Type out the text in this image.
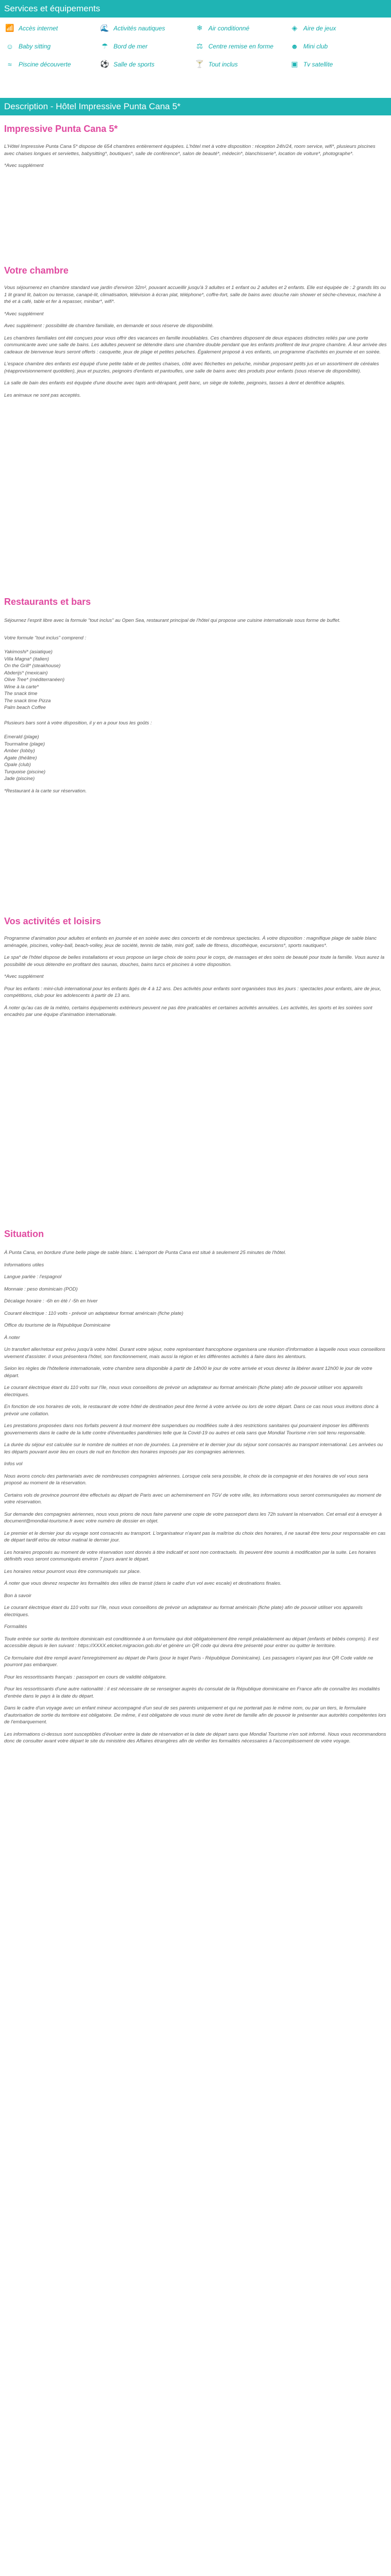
Services et équipements
📶 Accès internet	🌊 Activités nautiques	❄ Air conditionné	◈ Aire de jeux
☺ Baby sitting	☂ Bord de mer	⚖ Centre remise en forme ☻ Mini club
≈	Piscine découverte	⚽ Salle de sports	🍸 Tout inclus	▣ Tv satellite
Description - Hôtel Impressive Punta Cana 5*
Impressive Punta Cana 5*

L'Hôtel Impressive Punta Cana 5* dispose de 654 chambres entièrement équipées. L'hôtel met à votre disposition : réception 24h/24, room service, wifi*, plusieurs piscines avec chaises longues et serviettes, babysitting*, boutiques*, salle de conférence*, salon de beauté*, médecin*, blanchisserie*, location de voiture*, photographe*.

*Avec supplément

Votre chambre

Vous séjournerez en chambre standard vue jardin d'environ 32m², pouvant accueillir jusqu'à 3 adultes et 1 enfant ou 2 adultes et 2 enfants. Elle est équipée de : 2 grands lits ou 1 lit grand lit, balcon ou terrasse, canapé-lit, climatisation, télévision à écran plat, téléphone*, coffre-fort, salle de bains avec douche rain shower et sèche-cheveux, machine à thé et à café, table et fer à repasser, minibar*, wifi*.

*Avec supplément

Avec supplément : possibilité de chambre familiale, en demande et sous réserve de disponibilité.

Les chambres familiales ont été conçues pour vous offrir des vacances en famille inoubliables. Ces chambres disposent de deux espaces distinctes reliés par une porte communicante avec une salle de bains. Les adultes peuvent se détendre dans une chambre double pendant que les enfants profitent de leur propre chambre. À leur arrivée des cadeaux de bienvenue leurs seront offerts : casquette, jeux de plage et petites peluches. Également proposé à vos enfants, un programme d'activités en journée et en soirée.

L'espace chambre des enfants est équipé d'une petite table et de petites chaises, côté avec fléchettes en peluche, minibar proposant petits jus et un assortiment de céréales (réapprovisionnement quotidien), jeux et puzzles, peignoirs d'enfants et pantoufles, une salle de bains avec des produits pour enfants (sous réserve de disponibilité).

La salle de bain des enfants est équipée d'une douche avec tapis anti-dérapant, petit banc, un siège de toilette, peignoirs, tasses à dent et dentifrice adaptés.

Les animaux ne sont pas acceptés.

Restaurants et bars

Séjournez l'esprit libre avec la formule "tout inclus" au Open Sea, restaurant principal de l'hôtel qui propose une cuisine internationale sous forme de buffet.

Votre formule "tout inclus" comprend :

Yakimoshi* (asiatique)

Villa Magna* (italien)

On the Grill* (steakhouse)

Abderijs* (mexicain)

Olive Tree* (méditerranéen)

Wine à la carte*

The snack time

The snack time Pizza

Palm beach Coffee

Plusieurs bars sont à votre disposition, il y en a pour tous les goûts :

Emerald (plage)

Tourmaline (plage)

Amber (lobby)

Agate (théâtre)

Opale (club)

Turquoise (piscine)

Jade (piscine)

*Restaurant à la carte sur réservation.

Vos activités et loisirs

Programme d'animation pour adultes et enfants en journée et en soirée avec des concerts et de nombreux spectacles. À votre disposition : magnifique plage de sable blanc aménagée, piscines, volley-ball, beach-volley, jeux de société, tennis de table, mini golf, salle de fitness, discothèque, excursions*, sports nautiques*.

Le spa* de l'hôtel dispose de belles installations et vous propose un large choix de soins pour le corps, de massages et des soins de beauté pour toute la famille. Vous aurez la possibilité de vous détendre en profitant des saunas, douches, bains turcs et piscines à votre disposition.

*Avec supplément

Pour les enfants : mini-club international pour les enfants âgés de 4 à 12 ans. Des activités pour enfants sont organisées tous les jours : spectacles pour enfants, aire de jeux, compétitions, club pour les adolescents à partir de 13 ans.

À noter qu'au cas de la météo, certains équipements extérieurs peuvent ne pas être praticables et certaines activités annulées. Les activités, les sports et les soirées sont encadrés par une équipe d'animation internationale.

Situation

À Punta Cana, en bordure d'une belle plage de sable blanc. L'aéroport de Punta Cana est situé à seulement 25 minutes de l'hôtel.

Informations utiles

Langue parlée : l'espagnol

Monnaie : peso dominicain (POD)

Décalage horaire : -6h en été / -5h en hiver

Courant électrique : 110 volts - prévoir un adaptateur format américain (fiche plate)

Office du tourisme de la République Dominicaine

À noter

Un transfert aller/retour est prévu jusqu'à votre hôtel. Durant votre séjour, notre représentant francophone organisera une réunion d'information à laquelle nous vous conseillons vivement d'assister. Il vous présentera l'hôtel, son fonctionnement, mais aussi la région et les différentes activités à faire dans les alentours.

Selon les règles de l'hôtellerie internationale, votre chambre sera disponible à partir de 14h00 le jour de votre arrivée et vous devrez la libérer avant 12h00 le jour de votre départ.

Le courant électrique étant du 110 volts sur l'île, nous vous conseillons de prévoir un adaptateur au format américain (fiche plate) afin de pouvoir utiliser vos appareils électriques.

En fonction de vos horaires de vols, le restaurant de votre hôtel de destination peut être fermé à votre arrivée ou lors de votre départ. Dans ce cas nous vous invitons donc à prévoir une collation.

Les prestations proposées dans nos forfaits peuvent à tout moment être suspendues ou modifiées suite à des restrictions sanitaires qui pourraient imposer les différents gouvernements dans le cadre de la lutte contre d'éventuelles pandémies telle que la Covid-19 ou autres et cela sans que Mondial Tourisme n'en soit tenu responsable.

La durée du séjour est calculée sur le nombre de nuitées et non de journées. La première et le dernier jour du séjour sont consacrés au transport international. Les arrivées ou les départs pouvant avoir lieu en cours de nuit en fonction des horaires imposés par les compagnies aériennes.

Infos vol

Nous avons conclu des partenariats avec de nombreuses compagnies aériennes. Lorsque cela sera possible, le choix de la compagnie et des horaires de vol vous sera proposé au moment de la réservation.

Certains vols de province pourront être effectués au départ de Paris avec un acheminement en TGV de votre ville, les informations vous seront communiquées au moment de votre réservation.

Sur demande des compagnies aériennes, nous vous prions de nous faire parvenir une copie de votre passeport dans les 72h suivant la réservation. Cet email est à envoyer à document@mondial-tourisme.fr avec votre numéro de dossier en objet.

Le premier et le dernier jour du voyage sont consacrés au transport. L'organisateur n'ayant pas la maîtrise du choix des horaires, il ne saurait être tenu pour responsable en cas de départ tardif et/ou de retour matinal le dernier jour.

Les horaires proposés au moment de votre réservation sont donnés à titre indicatif et sont non contractuels. Ils peuvent être soumis à modification par la suite. Les horaires définitifs vous seront communiqués environ 7 jours avant le départ.

Les horaires retour pourront vous être communiqués sur place.

À noter que vous devrez respecter les formalités des villes de transit (dans le cadre d'un vol avec escale) et destinations finales.

Bon à savoir

Le courant électrique étant du 110 volts sur l'île, nous vous conseillons de prévoir un adaptateur au format américain (fiche plate) afin de pouvoir utiliser vos appareils électriques.

Formalités

Toute entrée sur sortie du territoire dominicain est conditionnée à un formulaire qui doit obligatoirement être rempli préalablement au départ (enfants et bébés compris). Il est accessible depuis le lien suivant : https://XXXX.eticket.migracion.gob.do/ et génère un QR code qui devra être présenté pour entrer ou quitter le territoire.

Ce formulaire doit être rempli avant l'enregistrement au départ de Paris (pour le trajet Paris - République Dominicaine). Les passagers n'ayant pas leur QR Code valide ne pourront pas embarquer.

Pour les ressortissants français : passeport en cours de validité obligatoire.

Pour les ressortissants d'une autre nationalité : il est nécessaire de se renseigner auprès du consulat de la République dominicaine en France afin de connaître les modalités d'entrée dans le pays à la date du départ.

Dans le cadre d'un voyage avec un enfant mineur accompagné d'un seul de ses parents uniquement et qui ne porterait pas le même nom, ou par un tiers, le formulaire d'autorisation de sortie du territoire est obligatoire. De même, il est obligatoire de vous munir de votre livret de famille afin de pouvoir le présenter aux autorités compétentes lors de l'embarquement.

Les informations ci-dessus sont susceptibles d'évoluer entre la date de réservation et la date de départ sans que Mondial Tourisme n'en soit informé. Nous vous recommandons donc de consulter avant votre départ le site du ministère des Affaires étrangères afin de vérifier les formalités nécessaires à l'accomplissement de votre voyage.
